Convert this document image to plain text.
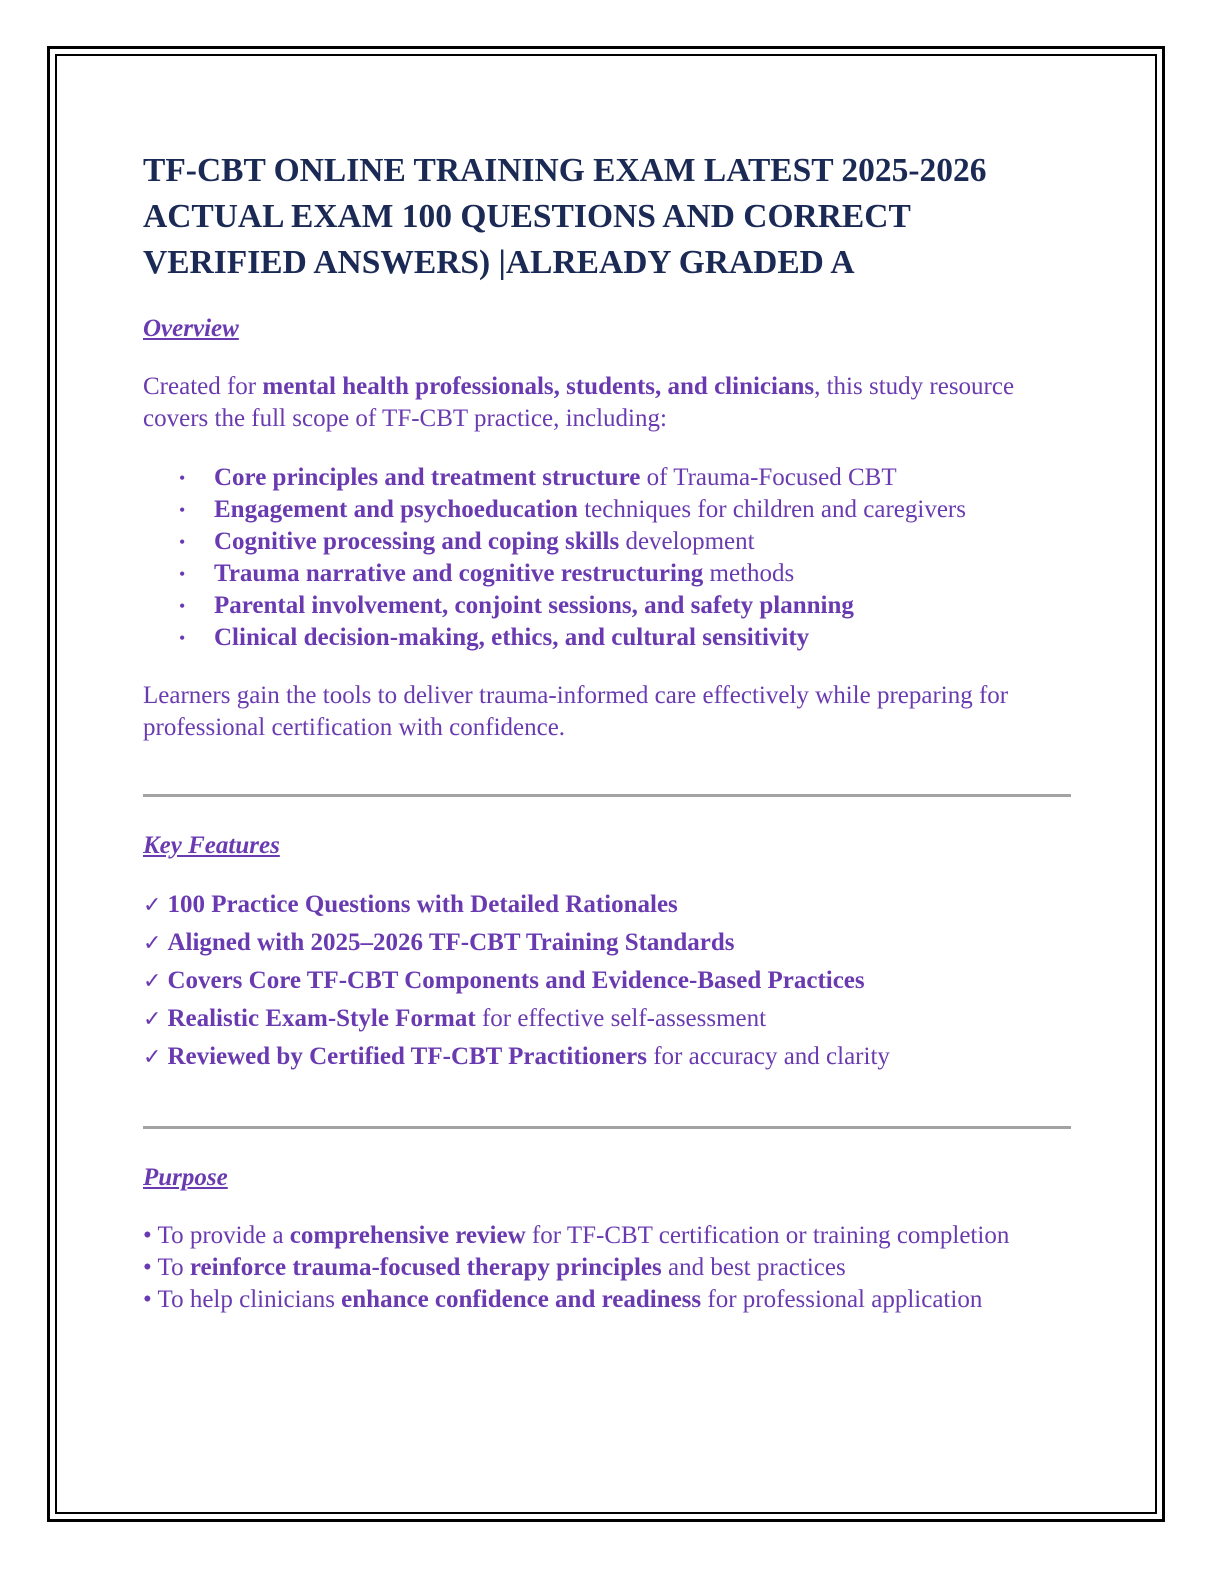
TF-CBT ONLINE TRAINING EXAM LATEST 2025-2026
ACTUAL EXAM 100 QUESTIONS AND CORRECT
VERIFIED ANSWERS) |ALREADY GRADED A

Overview

Created for mental health professionals, students, and clinicians, this study resource covers the full scope of TF-CBT practice, including:

• Core principles and treatment structure of Trauma-Focused CBT
• Engagement and psychoeducation techniques for children and caregivers
• Cognitive processing and coping skills development
• Trauma narrative and cognitive restructuring methods
• Parental involvement, conjoint sessions, and safety planning
• Clinical decision-making, ethics, and cultural sensitivity

Learners gain the tools to deliver trauma-informed care effectively while preparing for professional certification with confidence.

Key Features

✓ 100 Practice Questions with Detailed Rationales
✓ Aligned with 2025–2026 TF-CBT Training Standards
✓ Covers Core TF-CBT Components and Evidence-Based Practices
✓ Realistic Exam-Style Format for effective self-assessment
✓ Reviewed by Certified TF-CBT Practitioners for accuracy and clarity

Purpose

• To provide a comprehensive review for TF-CBT certification or training completion
• To reinforce trauma-focused therapy principles and best practices
• To help clinicians enhance confidence and readiness for professional application
